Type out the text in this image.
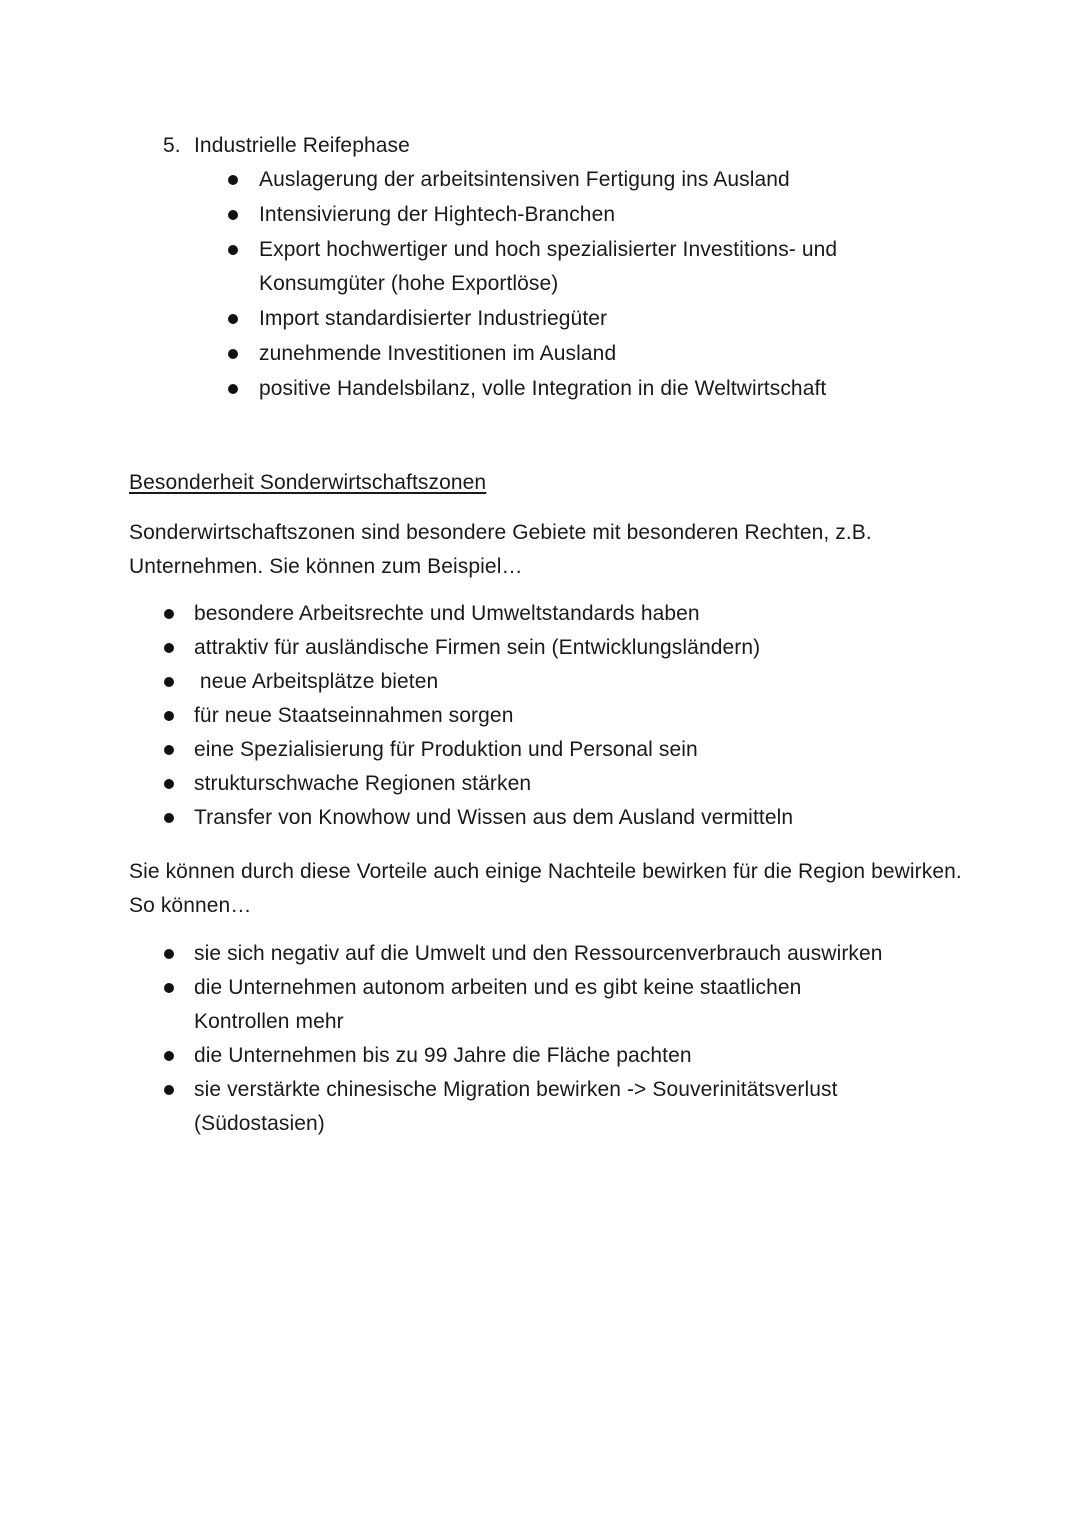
5. Industrielle Reifephase
Auslagerung der arbeitsintensiven Fertigung ins Ausland
Intensivierung der Hightech-Branchen
Export hochwertiger und hoch spezialisierter Investitions- und Konsumgüter (hohe Exportlöse)
Import standardisierter Industriegüter
zunehmende Investitionen im Ausland
positive Handelsbilanz, volle Integration in die Weltwirtschaft
Besonderheit Sonderwirtschaftszonen

Sonderwirtschaftszonen sind besondere Gebiete mit besonderen Rechten, z.B. Unternehmen. Sie können zum Beispiel…

besondere Arbeitsrechte und Umweltstandards haben
attraktiv für ausländische Firmen sein (Entwicklungsländern)
neue Arbeitsplätze bieten
für neue Staatseinnahmen sorgen
eine Spezialisierung für Produktion und Personal sein
strukturschwache Regionen stärken
Transfer von Knowhow und Wissen aus dem Ausland vermitteln

Sie können durch diese Vorteile auch einige Nachteile bewirken für die Region bewirken. So können…

sie sich negativ auf die Umwelt und den Ressourcenverbrauch auswirken
die Unternehmen autonom arbeiten und es gibt keine staatlichen Kontrollen mehr
die Unternehmen bis zu 99 Jahre die Fläche pachten
sie verstärkte chinesische Migration bewirken -> Souverinitätsverlust (Südostasien)
